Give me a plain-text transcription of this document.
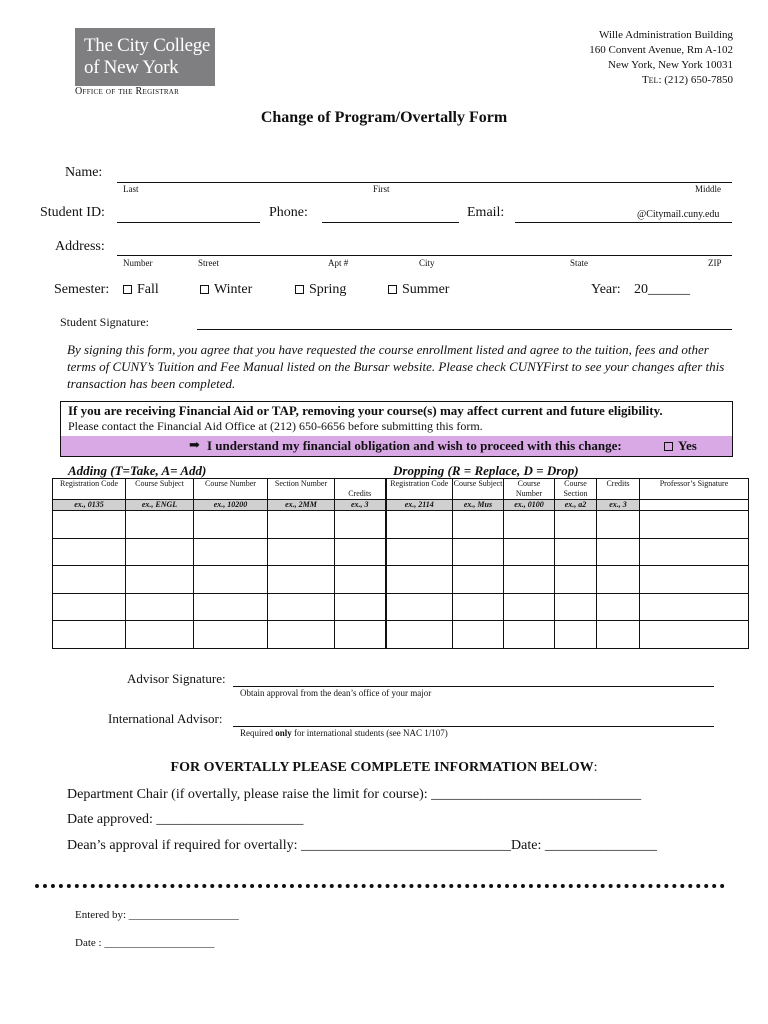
The City College
of New York
Office of the Registrar
Wille Administration Building
160 Convent Avenue, Rm A-102
New York, New York 10031
Tel: (212) 650-7850
Change of Program/Overtally Form
Name:
Last	First	Middle
Student ID:	Phone:	Email:	@Citymail.cuny.edu
Address:
Number	Street	Apt #	City	State	ZIP
Semester:	Fall	Winter	Spring	Summer	Year: 20______
Student Signature:
By signing this form, you agree that you have requested the course enrollment listed and agree to the tuition, fees and other terms of CUNY’s Tuition and Fee Manual listed on the Bursar website. Please check CUNYFirst to see your changes after this transaction has been completed.
If you are receiving Financial Aid or TAP, removing your course(s) may affect current and future eligibility.
Please contact the Financial Aid Office at (212) 650-6656 before submitting this form.
➡ I understand my financial obligation and wish to proceed with this change:	Yes
Adding (T=Take, A= Add)	Dropping (R = Replace, D = Drop)
Registration Code	Course Subject	Course Number	Section Number	Credits	Registration Code	Course Subject	Course Number	Course Section	Credits	Professor’s Signature
ex., 0135	ex., ENGL	ex., 10200	ex., 2MM	ex., 3	ex., 2114	ex., Mus	ex., 0100	ex., a2	ex., 3	

Advisor Signature:
Obtain approval from the dean’s office of your major
International Advisor:
Required only for international students (see NAC 1/107)
FOR OVERTALLY PLEASE COMPLETE INFORMATION BELOW:
Department Chair (if overtally, please raise the limit for course): ______________________________
Date approved: _____________________
Dean’s approval if required for overtally: ______________________________Date: ________________
Entered by: ____________________
Date : ____________________
